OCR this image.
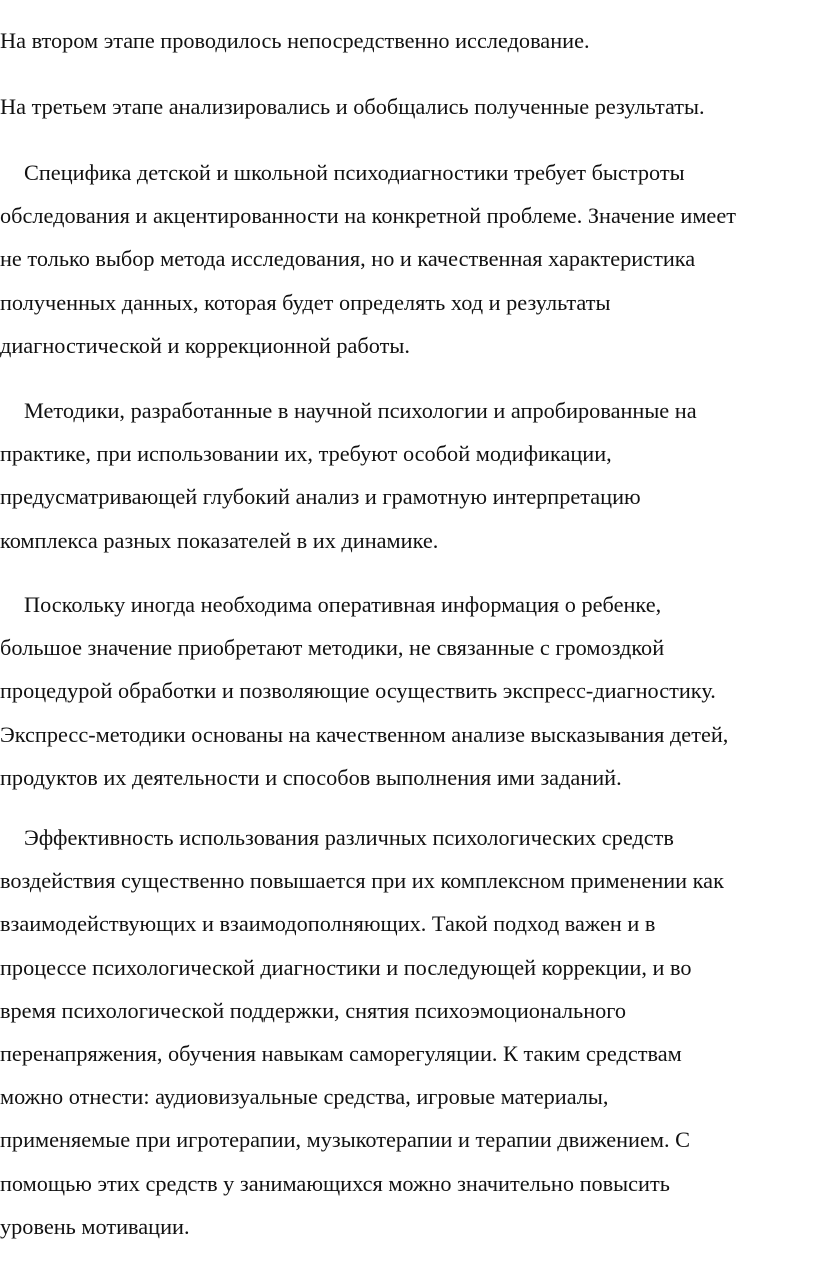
На втором этапе проводилось непосредственно исследование.

На третьем этапе анализировались и обобщались полученные результаты.

Специфика детской и школьной психодиагностики требует быстроты
обследования и акцентированности на конкретной проблеме. Значение имеет
не только выбор метода исследования, но и качественная характеристика
полученных данных, которая будет определять ход и результаты
диагностической и коррекционной работы.

Методики, разработанные в научной психологии и апробированные на
практике, при использовании их, требуют особой модификации,
предусматривающей глубокий анализ и грамотную интерпретацию
комплекса разных показателей в их динамике.

Поскольку иногда необходима оперативная информация о ребенке,
большое значение приобретают методики, не связанные с громоздкой
процедурой обработки и позволяющие осуществить экспресс-диагностику.
Экспресс-методики основаны на качественном анализе высказывания детей,
продуктов их деятельности и способов выполнения ими заданий.

Эффективность использования различных психологических средств
воздействия существенно повышается при их комплексном применении как
взаимодействующих и взаимодополняющих. Такой подход важен и в
процессе психологической диагностики и последующей коррекции, и во
время психологической поддержки, снятия психоэмоционального
перенапряжения, обучения навыкам саморегуляции. К таким средствам
можно отнести: аудиовизуальные средства, игровые материалы,
применяемые при игротерапии, музыкотерапии и терапии движением. С
помощью этих средств у занимающихся можно значительно повысить
уровень мотивации.
